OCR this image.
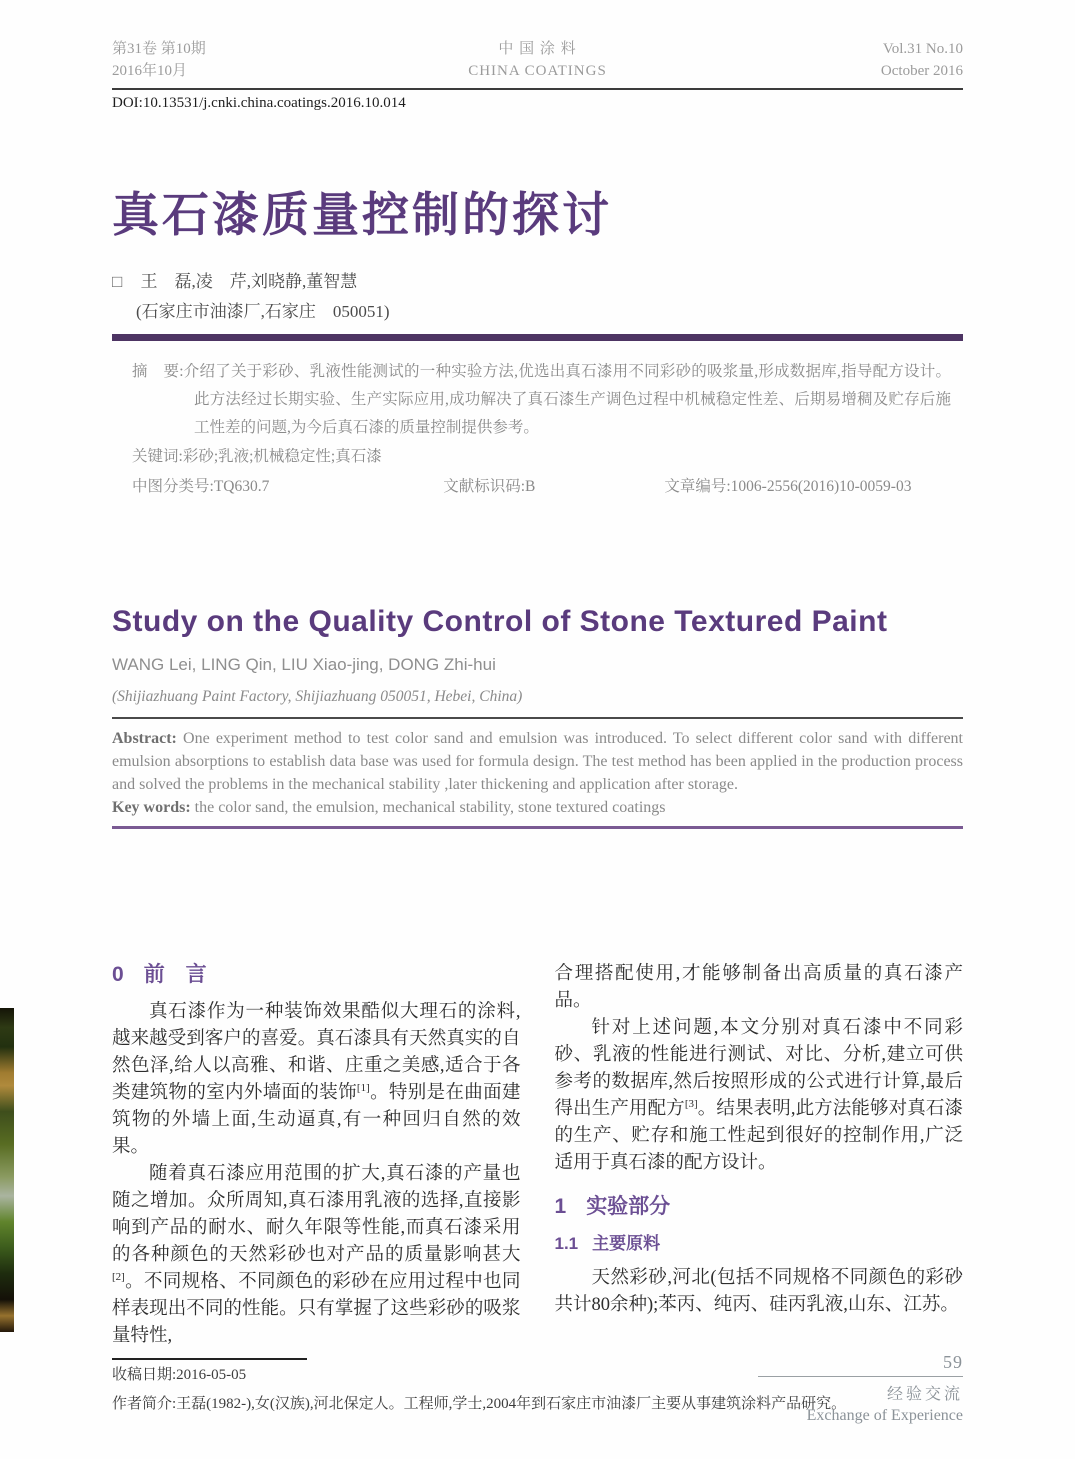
第31卷 第10期	中 国 涂 料	Vol.31 No.10
2016年10月	CHINA COATINGS	October 2016
DOI:10.13531/j.cnki.china.coatings.2016.10.014
真石漆质量控制的探讨
□ 王　磊,凌　芹,刘晓静,董智慧
(石家庄市油漆厂,石家庄　050051)

摘　要:介绍了关于彩砂、乳液性能测试的一种实验方法,优选出真石漆用不同彩砂的吸浆量,形成数据库,指导配方设计。此方法经过长期实验、生产实际应用,成功解决了真石漆生产调色过程中机械稳定性差、后期易增稠及贮存后施工性差的问题,为今后真石漆的质量控制提供参考。

关键词:彩砂;乳液;机械稳定性;真石漆

中图分类号:TQ630.7	文献标识码:B	文章编号:1006-2556(2016)10-0059-03
Study on the Quality Control of Stone Textured Paint
WANG Lei, LING Qin, LIU Xiao-jing, DONG Zhi-hui
(Shijiazhuang Paint Factory, Shijiazhuang 050051, Hebei, China)

Abstract: One experiment method to test color sand and emulsion was introduced. To select different color sand with different emulsion absorptions to establish data base was used for formula design. The test method has been applied in the production process and solved the problems in the mechanical stability ,later thickening and application after storage.

Key words: the color sand, the emulsion, mechanical stability, stone textured coatings

0 前　言

真石漆作为一种装饰效果酷似大理石的涂料,越来越受到客户的喜爱。真石漆具有天然真实的自然色泽,给人以高雅、和谐、庄重之美感,适合于各类建筑物的室内外墙面的装饰[1]。特别是在曲面建筑物的外墙上面,生动逼真,有一种回归自然的效果。

随着真石漆应用范围的扩大,真石漆的产量也随之增加。众所周知,真石漆用乳液的选择,直接影响到产品的耐水、耐久年限等性能,而真石漆采用的各种颜色的天然彩砂也对产品的质量影响甚大[2]。不同规格、不同颜色的彩砂在应用过程中也同样表现出不同的性能。只有掌握了这些彩砂的吸浆量特性,

收稿日期:2016-05-05

合理搭配使用,才能够制备出高质量的真石漆产品。

针对上述问题,本文分别对真石漆中不同彩砂、乳液的性能进行测试、对比、分析,建立可供参考的数据库,然后按照形成的公式进行计算,最后得出生产用配方[3]。结果表明,此方法能够对真石漆的生产、贮存和施工性起到很好的控制作用,广泛适用于真石漆的配方设计。

1 实验部分
1.1 主要原料

天然彩砂,河北(包括不同规格不同颜色的彩砂共计80余种);苯丙、纯丙、硅丙乳液,山东、江苏。

作者简介:王磊(1982-),女(汉族),河北保定人。工程师,学士,2004年到石家庄市油漆厂主要从事建筑涂料产品研究。
59
经验交流
Exchange of Experience
